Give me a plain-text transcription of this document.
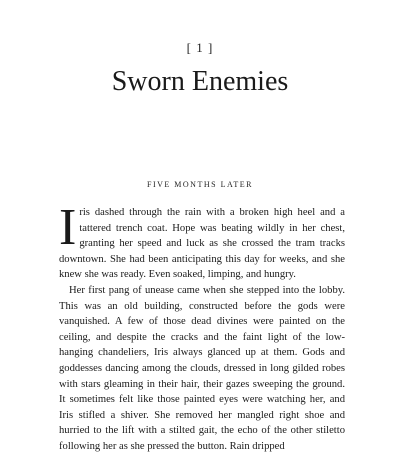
[ 1 ]
Sworn Enemies
FIVE MONTHS LATER

Iris dashed through the rain with a broken high heel and a tattered trench coat. Hope was beating wildly in her chest, granting her speed and luck as she crossed the tram tracks downtown. She had been anticipating this day for weeks, and she knew she was ready. Even soaked, limping, and hungry.

Her first pang of unease came when she stepped into the lobby. This was an old building, constructed before the gods were vanquished. A few of those dead divines were painted on the ceiling, and despite the cracks and the faint light of the low-hanging chandeliers, Iris always glanced up at them. Gods and goddesses dancing among the clouds, dressed in long gilded robes with stars gleaming in their hair, their gazes sweeping the ground. It sometimes felt like those painted eyes were watching her, and Iris stifled a shiver. She removed her mangled right shoe and hurried to the lift with a stilted gait, the echo of the other stiletto following her as she pressed the button. Rain dripped
